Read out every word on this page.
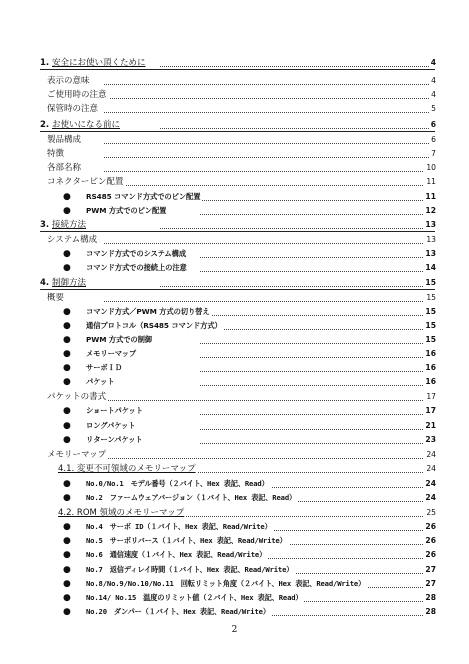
1. 安全にお使い頂くために	4
表示の意味	4
ご使用時の注意	4
保管時の注意	5
2. お使いになる前に	6
製品構成	6
特徴	7
各部名称	10
コネクターピン配置	11
● RS485 コマンド方式でのピン配置	11
● PWM 方式でのピン配置	12
3. 接続方法	13
システム構成	13
● コマンド方式でのシステム構成	13
● コマンド方式での接続上の注意	14
4. 制御方法	15
概要	15
● コマンド方式／PWM 方式の切り替え	15
● 通信プロトコル（RS485 コマンド方式）	15
● PWM 方式での制御	15
● メモリーマップ	16
● サーボＩＤ	16
● パケット	16
パケットの書式	17
● ショートパケット	17
● ロングパケット	21
● リターンパケット	23
メモリーマップ	24
4.1. 変更不可領域のメモリーマップ	24
● No.0/No.1　モデル番号（２バイト、Hex 表記、Read）	24
● No.2　ファームウェアバージョン（１バイト、Hex 表記、Read）	24
4.2. ROM 領域のメモリーマップ	25
● No.4　サーボ ID（１バイト、Hex 表記、Read/Write）	26
● No.5　サーボリバース（１バイト、Hex 表記、Read/Write）	26
● No.6　通信速度（１バイト、Hex 表記、Read/Write）	26
● No.7　返信ディレイ時間（１バイト、Hex 表記、Read/Write）	27
● No.8/No.9/No.10/No.11　回転リミット角度（２バイト、Hex 表記、Read/Write）	27
● No.14/ No.15　温度のリミット値（２バイト、Hex 表記、Read）	28
● No.20　ダンパー（１バイト、Hex 表記、Read/Write）	28
2
